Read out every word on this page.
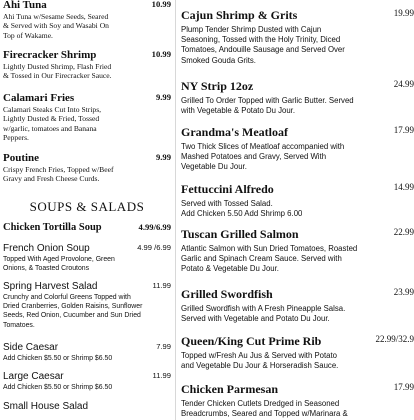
Ahi Tuna	10.99
Ahi Tuna w/Sesame Seeds, Seared
& Served with Soy and Wasabi On
Top of Wakame.
Firecracker Shrimp	10.99
Lightly Dusted Shrimp, Flash Fried
& Tossed in Our Firecracker Sauce.
Calamari Fries	9.99
Calamari Steaks Cut Into Strips,
Lightly Dusted & Fried, Tossed
w/garlic, tomatoes and Banana
Peppers.
Poutine	9.99
Crispy French Fries, Topped w/Beef
Gravy and Fresh Cheese Curds.
SOUPS & SALADS
Chicken Tortilla Soup	4.99/6.99
French Onion Soup	4.99 /6.99
Topped With Aged Provolone, Green
Onions, & Toasted Croutons
Spring Harvest Salad	11.99
Crunchy and Colorful Greens Topped with
Dried Cranberries, Golden Raisins, Sunflower
Seeds, Red Onion, Cucumber and Sun Dried
Tomatoes.
Side Caesar	7.99
Add Chicken $5.50 or Shrimp $6.50
Large Caesar	11.99
Add Chicken $5.50 or Shrimp $6.50
Small House Salad
Cajun Shrimp & Grits	19.99
Plump Tender Shrimp Dusted with Cajun
Seasoning, Tossed with the Holy Trinity, Diced
Tomatoes, Andouille Sausage and Served Over
Smoked Gouda Grits.
NY Strip 12oz	24.99
Grilled To Order Topped with Garlic Butter. Served
with Vegetable & Potato Du Jour.
Grandma's Meatloaf	17.99
Two Thick Slices of Meatloaf accompanied with
Mashed Potatoes and Gravy, Served With
Vegetable Du Jour.
Fettuccini Alfredo	14.99
Served with Tossed Salad.
Add Chicken 5.50 Add Shrimp 6.00
Tuscan Grilled Salmon	22.99
Atlantic Salmon with Sun Dried Tomatoes, Roasted
Garlic and Spinach Cream Sauce. Served with
Potato & Vegetable Du Jour.
Grilled Swordfish	23.99
Grilled Swordfish with A Fresh Pineapple Salsa.
Served with Vegetable and Potato Du Jour.
Queen/King Cut Prime Rib	22.99/32.9
Topped w/Fresh Au Jus & Served with Potato
and Vegetable Du Jour & Horseradish Sauce.
Chicken Parmesan	17.99
Tender Chicken Cutlets Dredged in Seasoned
Breadcrumbs, Seared and Topped w/Marinara &
